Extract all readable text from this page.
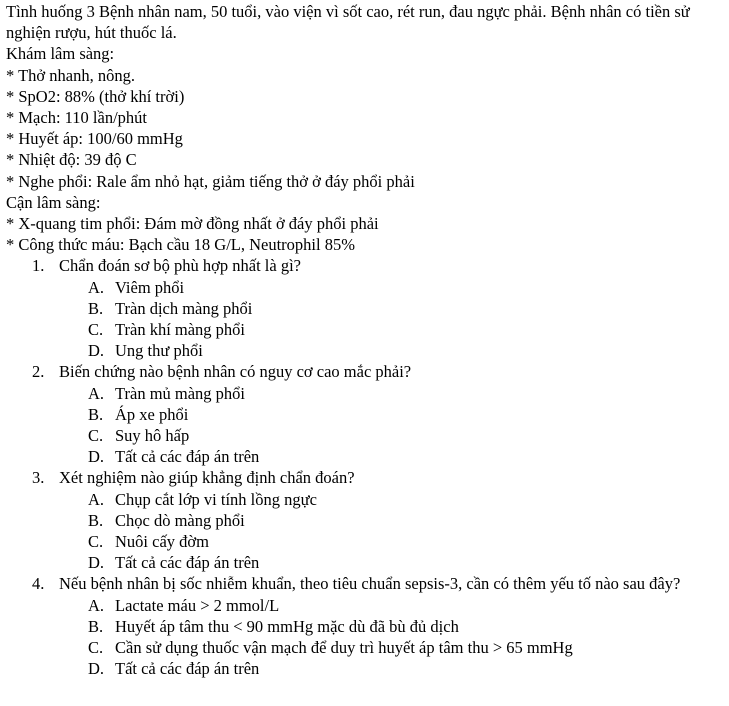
Tình huống 3 Bệnh nhân nam, 50 tuổi, vào viện vì sốt cao, rét run, đau ngực phải. Bệnh nhân có tiền sử nghiện rượu, hút thuốc lá.
Khám lâm sàng:
* Thở nhanh, nông.
* SpO2: 88% (thở khí trời)
* Mạch: 110 lần/phút
* Huyết áp: 100/60 mmHg
* Nhiệt độ: 39 độ C
* Nghe phổi: Rale ẩm nhỏ hạt, giảm tiếng thở ở đáy phổi phải
Cận lâm sàng:
* X-quang tim phổi: Đám mờ đồng nhất ở đáy phổi phải
* Công thức máu: Bạch cầu 18 G/L, Neutrophil 85%
1. Chẩn đoán sơ bộ phù hợp nhất là gì?
A. Viêm phổi
B. Tràn dịch màng phổi
C. Tràn khí màng phổi
D. Ung thư phổi
2. Biến chứng nào bệnh nhân có nguy cơ cao mắc phải?
A. Tràn mủ màng phổi
B. Áp xe phổi
C. Suy hô hấp
D. Tất cả các đáp án trên
3. Xét nghiệm nào giúp khẳng định chẩn đoán?
A. Chụp cắt lớp vi tính lồng ngực
B. Chọc dò màng phổi
C. Nuôi cấy đờm
D. Tất cả các đáp án trên
4. Nếu bệnh nhân bị sốc nhiễm khuẩn, theo tiêu chuẩn sepsis-3, cần có thêm yếu tố nào sau đây?
A. Lactate máu > 2 mmol/L
B. Huyết áp tâm thu < 90 mmHg mặc dù đã bù đủ dịch
C. Cần sử dụng thuốc vận mạch để duy trì huyết áp tâm thu > 65 mmHg
D. Tất cả các đáp án trên
